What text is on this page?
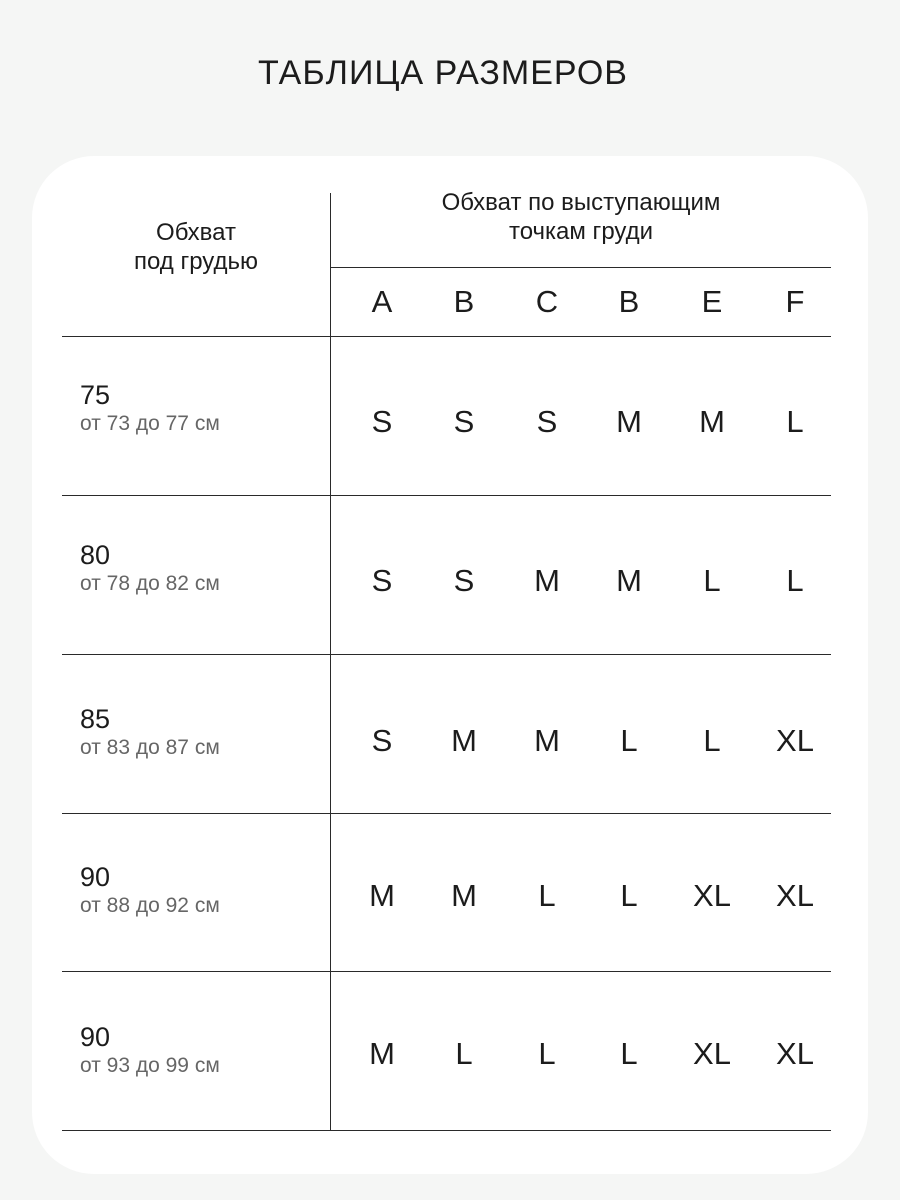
ТАБЛИЦА РАЗМЕРОВ
Обхват
под грудью
Обхват по выступающим
точкам груди
A	B	C	B	E	F
75
от 73 до 77 см	S	S	S	M	M	L
80
от 78 до 82 см	S	S	M	M	L	L
85
от 83 до 87 см	S	M	M	L	L	XL
90
от 88 до 92 см	M	M	L	L	XL	XL
90
от 93 до 99 см	M	L	L	L	XL	XL
